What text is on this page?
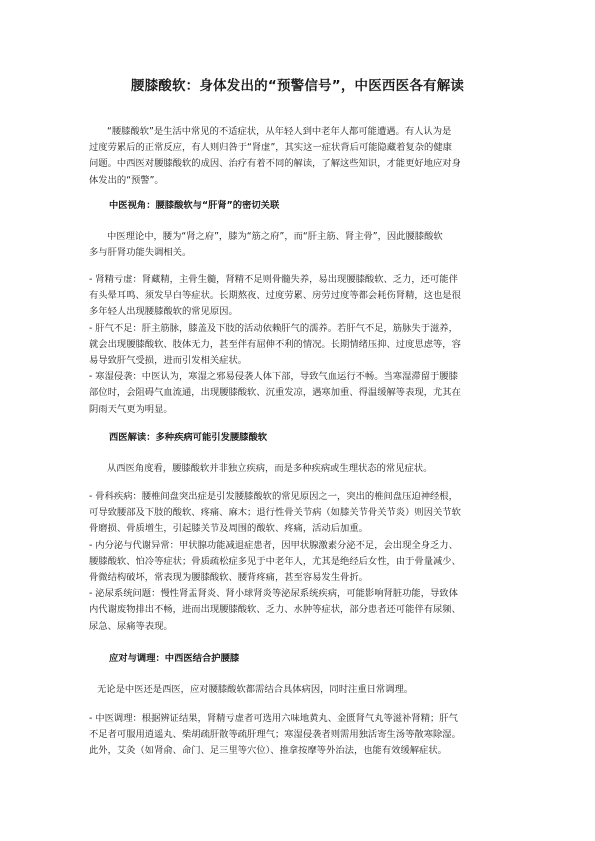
腰膝酸软：身体发出的“预警信号”，中医西医各有解读
“腰膝酸软”是生活中常见的不适症状，从年轻人到中老年人都可能遭遇。有人认为是
过度劳累后的正常反应，有人则归咎于“肾虚”，其实这一症状背后可能隐藏着复杂的健康
问题。中西医对腰膝酸软的成因、治疗有着不同的解读，了解这些知识，才能更好地应对身
体发出的“预警”。
中医视角：腰膝酸软与“肝肾”的密切关联
中医理论中，腰为“肾之府”，膝为“筋之府”，而“肝主筋、肾主骨”，因此腰膝酸软
多与肝肾功能失调相关。
- 肾精亏虚：肾藏精，主骨生髓，肾精不足则骨髓失养，易出现腰膝酸软、乏力，还可能伴
有头晕耳鸣、须发早白等症状。长期熬夜、过度劳累、房劳过度等都会耗伤肾精，这也是很
多年轻人出现腰膝酸软的常见原因。
- 肝气不足：肝主筋脉，膝盖及下肢的活动依赖肝气的濡养。若肝气不足，筋脉失于滋养，
就会出现腰膝酸软、肢体无力，甚至伴有屈伸不利的情况。长期情绪压抑、过度思虑等，容
易导致肝气受损，进而引发相关症状。
- 寒湿侵袭：中医认为，寒湿之邪易侵袭人体下部，导致气血运行不畅。当寒湿滞留于腰膝
部位时，会阻碍气血流通，出现腰膝酸软、沉重发凉，遇寒加重、得温缓解等表现，尤其在
阴雨天气更为明显。
西医解读：多种疾病可能引发腰膝酸软
从西医角度看，腰膝酸软并非独立疾病，而是多种疾病或生理状态的常见症状。
- 骨科疾病：腰椎间盘突出症是引发腰膝酸软的常见原因之一，突出的椎间盘压迫神经根，
可导致腰部及下肢的酸软、疼痛、麻木；退行性骨关节病（如膝关节骨关节炎）则因关节软
骨磨损、骨质增生，引起膝关节及周围的酸软、疼痛，活动后加重。
- 内分泌与代谢异常：甲状腺功能减退症患者，因甲状腺激素分泌不足，会出现全身乏力、
腰膝酸软、怕冷等症状；骨质疏松症多见于中老年人，尤其是绝经后女性，由于骨量减少、
骨微结构破坏，常表现为腰膝酸软、腰背疼痛，甚至容易发生骨折。
- 泌尿系统问题：慢性肾盂肾炎、肾小球肾炎等泌尿系统疾病，可能影响肾脏功能，导致体
内代谢废物排出不畅，进而出现腰膝酸软、乏力、水肿等症状，部分患者还可能伴有尿频、
尿急、尿痛等表现。
应对与调理：中西医结合护腰膝
无论是中医还是西医，应对腰膝酸软都需结合具体病因，同时注重日常调理。
- 中医调理：根据辨证结果，肾精亏虚者可选用六味地黄丸、金匮肾气丸等滋补肾精；肝气
不足者可服用逍遥丸、柴胡疏肝散等疏肝理气；寒湿侵袭者则需用独活寄生汤等散寒除湿。
此外，艾灸（如肾俞、命门、足三里等穴位）、推拿按摩等外治法，也能有效缓解症状。
